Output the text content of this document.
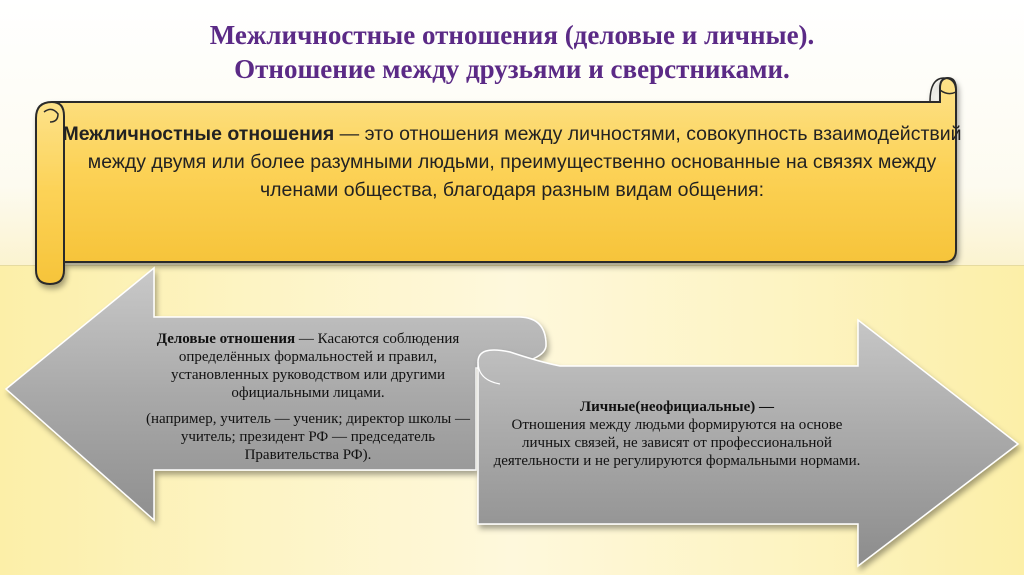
Межличностные отношения (деловые и личные).
Отношение между друзьями и сверстниками.
Межличностные отношения — это отношения между личностями, совокупность взаимодействий между двумя или более разумными людьми, преимущественно основанные на связях между членами общества, благодаря разным видам общения:

Деловые отношения — Касаются соблюдения определённых формальностей и правил, установленных руководством или другими официальными лицами.

(например, учитель — ученик; директор школы — учитель; президент РФ — председатель Правительства РФ).

Личные(неофициальные) —

Отношения между людьми формируются на основе личных связей, не зависят от профессиональной деятельности и не регулируются формальными нормами.
